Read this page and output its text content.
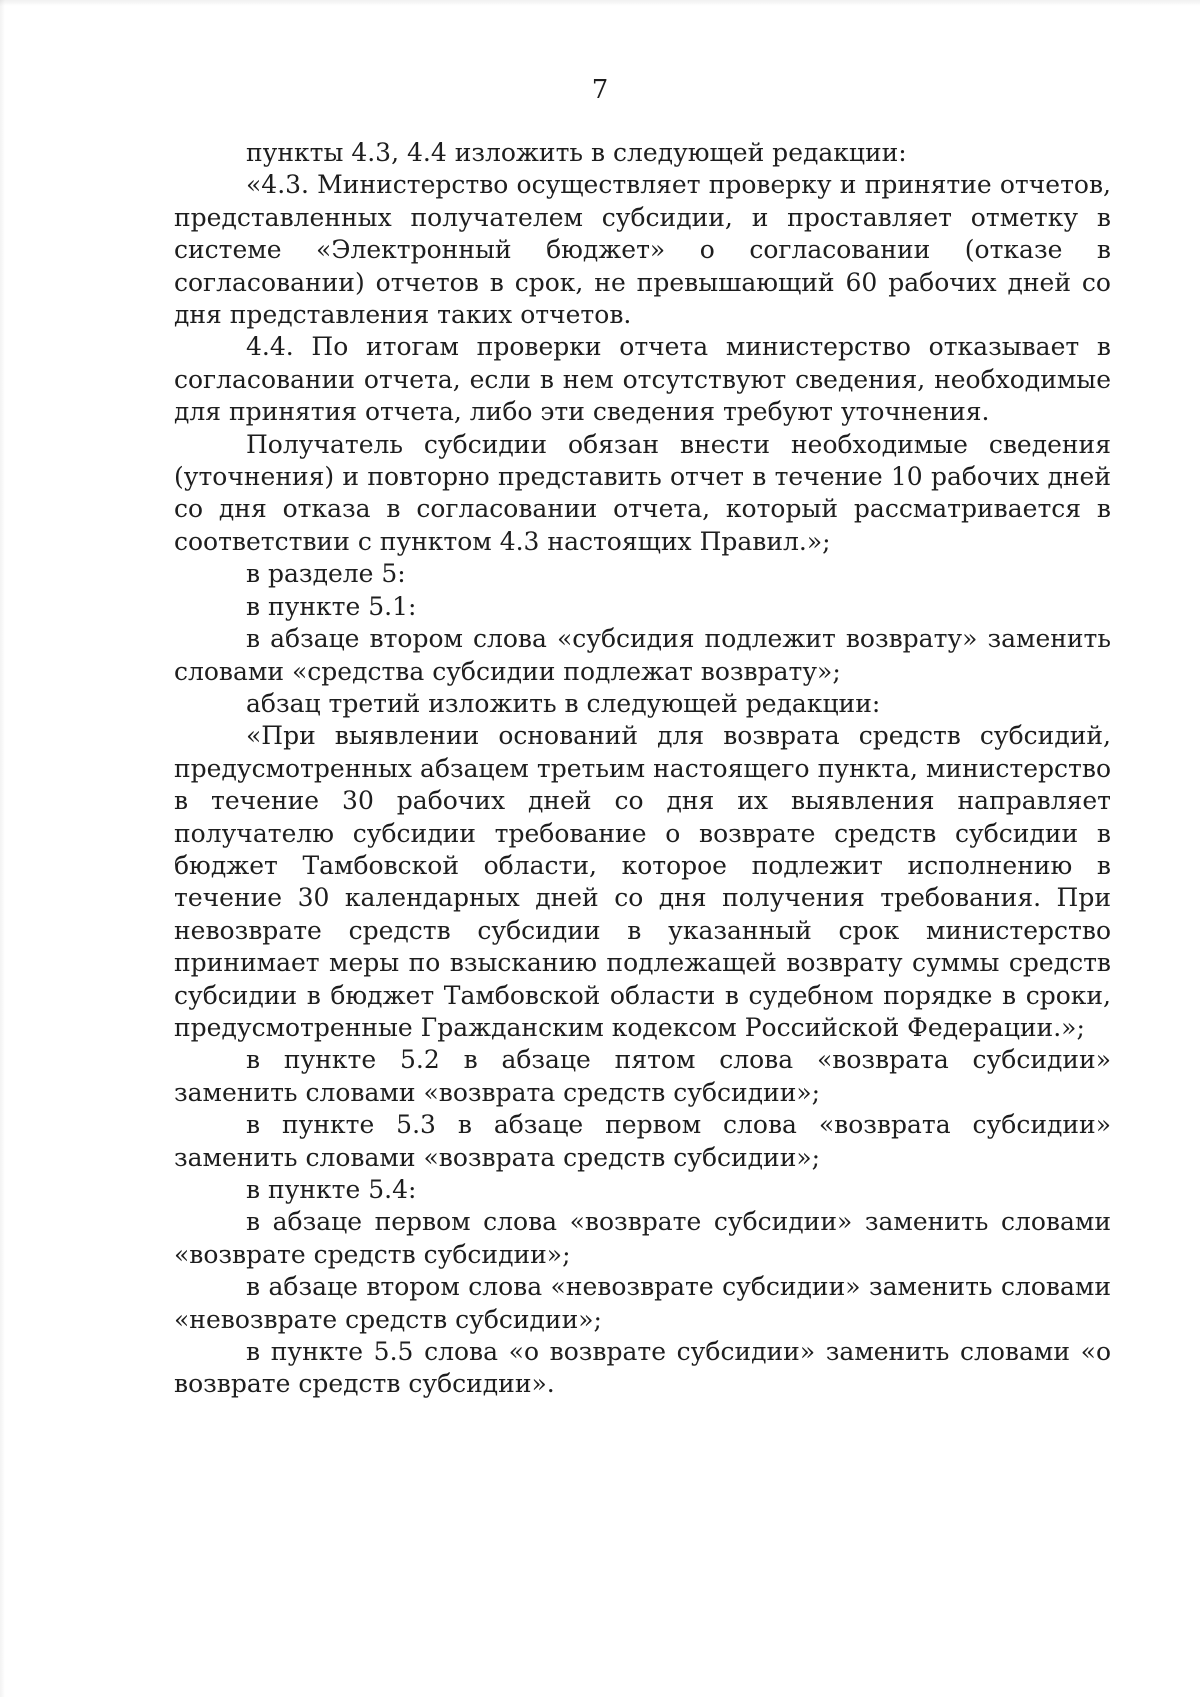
7

пункты 4.3, 4.4 изложить в следующей редакции:

«4.3. Министерство осуществляет проверку и принятие отчетов, представленных получателем субсидии, и проставляет отметку в системе «Электронный бюджет» о согласовании (отказе в согласовании) отчетов в срок, не превышающий 60 рабочих дней со дня представления таких отчетов.

4.4. По итогам проверки отчета министерство отказывает в согласовании отчета, если в нем отсутствуют сведения, необходимые для принятия отчета, либо эти сведения требуют уточнения.

Получатель субсидии обязан внести необходимые сведения (уточнения) и повторно представить отчет в течение 10 рабочих дней со дня отказа в согласовании отчета, который рассматривается в соответствии с пунктом 4.3 настоящих Правил.»;

в разделе 5:

в пункте 5.1:

в абзаце втором слова «субсидия подлежит возврату» заменить словами «средства субсидии подлежат возврату»;

абзац третий изложить в следующей редакции:

«При выявлении оснований для возврата средств субсидий, предусмотренных абзацем третьим настоящего пункта, министерство в течение 30 рабочих дней со дня их выявления направляет получателю субсидии требование о возврате средств субсидии в бюджет Тамбовской области, которое подлежит исполнению в течение 30 календарных дней со дня получения требования. При невозврате средств субсидии в указанный срок министерство принимает меры по взысканию подлежащей возврату суммы средств субсидии в бюджет Тамбовской области в судебном порядке в сроки, предусмотренные Гражданским кодексом Российской Федерации.»;

в пункте 5.2 в абзаце пятом слова «возврата субсидии» заменить словами «возврата средств субсидии»;

в пункте 5.3 в абзаце первом слова «возврата субсидии» заменить словами «возврата средств субсидии»;

в пункте 5.4:

в абзаце первом слова «возврате субсидии» заменить словами «возврате средств субсидии»;

в абзаце втором слова «невозврате субсидии» заменить словами «невозврате средств субсидии»;

в пункте 5.5 слова «о возврате субсидии» заменить словами «о возврате средств субсидии».
